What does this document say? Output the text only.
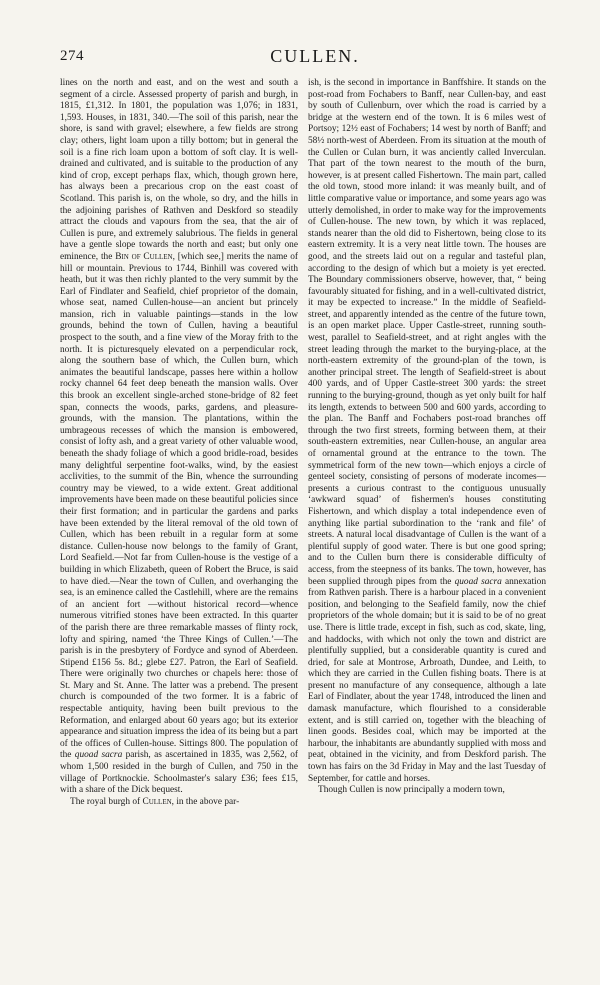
274	CULLEN.

lines on the north and east, and on the west and south a segment of a circle. Assessed property of parish and burgh, in 1815, £1,312. In 1801, the population was 1,076; in 1831, 1,593. Houses, in 1831, 340.—The soil of this parish, near the shore, is sand with gravel; elsewhere, a few fields are strong clay; others, light loam upon a tilly bottom; but in general the soil is a fine rich loam upon a bottom of soft clay. It is well-drained and cultivated, and is suitable to the production of any kind of crop, except perhaps flax, which, though grown here, has always been a precarious crop on the east coast of Scotland. This parish is, on the whole, so dry, and the hills in the adjoining parishes of Rathven and Deskford so steadily attract the clouds and vapours from the sea, that the air of Cullen is pure, and extremely salubrious. The fields in general have a gentle slope towards the north and east; but only one eminence, the Bin of Cullen, [which see,] merits the name of hill or mountain. Previous to 1744, Binhill was covered with heath, but it was then richly planted to the very summit by the Earl of Findlater and Seafield, chief proprietor of the domain, whose seat, named Cullen-house—an ancient but princely mansion, rich in valuable paintings—stands in the low grounds, behind the town of Cullen, having a beautiful prospect to the south, and a fine view of the Moray frith to the north. It is picturesquely elevated on a perpendicular rock, along the southern base of which, the Cullen burn, which animates the beautiful landscape, passes here within a hollow rocky channel 64 feet deep beneath the mansion walls. Over this brook an excellent single-arched stone-bridge of 82 feet span, connects the woods, parks, gardens, and pleasure-grounds, with the mansion. The plantations, within the umbrageous recesses of which the mansion is embowered, consist of lofty ash, and a great variety of other valuable wood, beneath the shady foliage of which a good bridle-road, besides many delightful serpentine foot-walks, wind, by the easiest acclivities, to the summit of the Bin, whence the surrounding country may be viewed, to a wide extent. Great additional improvements have been made on these beautiful policies since their first formation; and in particular the gardens and parks have been extended by the literal removal of the old town of Cullen, which has been rebuilt in a regular form at some distance. Cullen-house now belongs to the family of Grant, Lord Seafield.—Not far from Cullen-house is the vestige of a building in which Elizabeth, queen of Robert the Bruce, is said to have died.—Near the town of Cullen, and overhanging the sea, is an eminence called the Castlehill, where are the remains of an ancient fort —without historical record—whence numerous vitrified stones have been extracted. In this quarter of the parish there are three remarkable masses of flinty rock, lofty and spiring, named ‘the Three Kings of Cullen.’—The parish is in the presbytery of Fordyce and synod of Aberdeen. Stipend £156 5s. 8d.; glebe £27. Patron, the Earl of Seafield. There were originally two churches or chapels here: those of St. Mary and St. Anne. The latter was a prebend. The present church is compounded of the two former. It is a fabric of respectable antiquity, having been built previous to the Reformation, and enlarged about 60 years ago; but its exterior appearance and situation impress the idea of its being but a part of the offices of Cullen-house. Sittings 800. The population of the quoad sacra parish, as ascertained in 1835, was 2,562, of whom 1,500 resided in the burgh of Cullen, and 750 in the village of Portknockie. Schoolmaster's salary £36; fees £15, with a share of the Dick bequest.

The royal burgh of Cullen, in the above par-

ish, is the second in importance in Banffshire. It stands on the post-road from Fochabers to Banff, near Cullen-bay, and east by south of Cullenburn, over which the road is carried by a bridge at the western end of the town. It is 6 miles west of Portsoy; 12½ east of Fochabers; 14 west by north of Banff; and 58½ north-west of Aberdeen. From its situation at the mouth of the Cullen or Culan burn, it was anciently called Inverculan. That part of the town nearest to the mouth of the burn, however, is at present called Fishertown. The main part, called the old town, stood more inland: it was meanly built, and of little comparative value or importance, and some years ago was utterly demolished, in order to make way for the improvements of Cullen-house. The new town, by which it was replaced, stands nearer than the old did to Fishertown, being close to its eastern extremity. It is a very neat little town. The houses are good, and the streets laid out on a regular and tasteful plan, according to the design of which but a moiety is yet erected. The Boundary commissioners observe, however, that, “ being favourably situated for fishing, and in a well-cultivated district, it may be expected to increase.” In the middle of Seafield-street, and apparently intended as the centre of the future town, is an open market place. Upper Castle-street, running south-west, parallel to Seafield-street, and at right angles with the street leading through the market to the burying-place, at the north-eastern extremity of the ground-plan of the town, is another principal street. The length of Seafield-street is about 400 yards, and of Upper Castle-street 300 yards: the street running to the burying-ground, though as yet only built for half its length, extends to between 500 and 600 yards, according to the plan. The Banff and Fochabers post-road branches off through the two first streets, forming between them, at their south-eastern extremities, near Cullen-house, an angular area of ornamental ground at the entrance to the town. The symmetrical form of the new town—which enjoys a circle of genteel society, consisting of persons of moderate incomes—presents a curious contrast to the contiguous unusually ‘awkward squad’ of fishermen's houses constituting Fishertown, and which display a total independence even of anything like partial subordination to the ‘rank and file’ of streets. A natural local disadvantage of Cullen is the want of a plentiful supply of good water. There is but one good spring; and to the Cullen burn there is considerable difficulty of access, from the steepness of its banks. The town, however, has been supplied through pipes from the quoad sacra annexation from Rathven parish. There is a harbour placed in a convenient position, and belonging to the Seafield family, now the chief proprietors of the whole domain; but it is said to be of no great use. There is little trade, except in fish, such as cod, skate, ling, and haddocks, with which not only the town and district are plentifully supplied, but a considerable quantity is cured and dried, for sale at Montrose, Arbroath, Dundee, and Leith, to which they are carried in the Cullen fishing boats. There is at present no manufacture of any consequence, although a late Earl of Findlater, about the year 1748, introduced the linen and damask manufacture, which flourished to a considerable extent, and is still carried on, together with the bleaching of linen goods. Besides coal, which may be imported at the harbour, the inhabitants are abundantly supplied with moss and peat, obtained in the vicinity, and from Deskford parish. The town has fairs on the 3d Friday in May and the last Tuesday of September, for cattle and horses.

Though Cullen is now principally a modern town,
